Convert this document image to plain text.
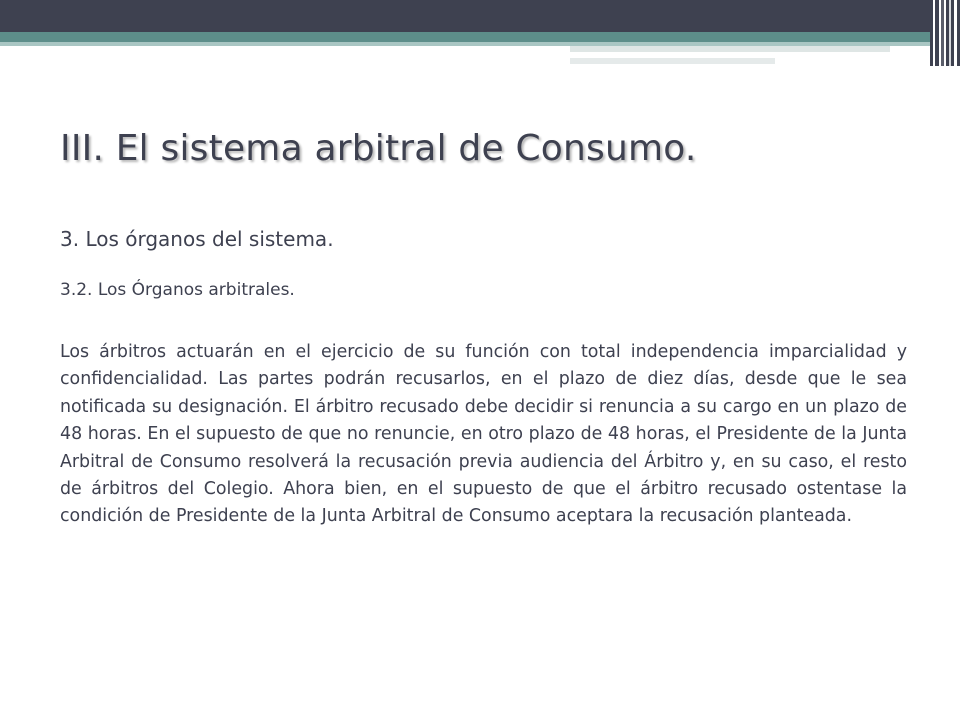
III. El sistema arbitral de Consumo.
3. Los órganos del sistema.
3.2. Los Órganos arbitrales.

Los árbitros actuarán en el ejercicio de su función con total independencia imparcialidad y confidencialidad. Las partes podrán recusarlos, en el plazo de diez días, desde que le sea notificada su designación. El árbitro recusado debe decidir si renuncia a su cargo en un plazo de 48 horas. En el supuesto de que no renuncie, en otro plazo de 48 horas, el Presidente de la Junta Arbitral de Consumo resolverá la recusación previa audiencia del Árbitro y, en su caso, el resto de árbitros del Colegio. Ahora bien, en el supuesto de que el árbitro recusado ostentase la condición de Presidente de la Junta Arbitral de Consumo aceptara la recusación planteada.
